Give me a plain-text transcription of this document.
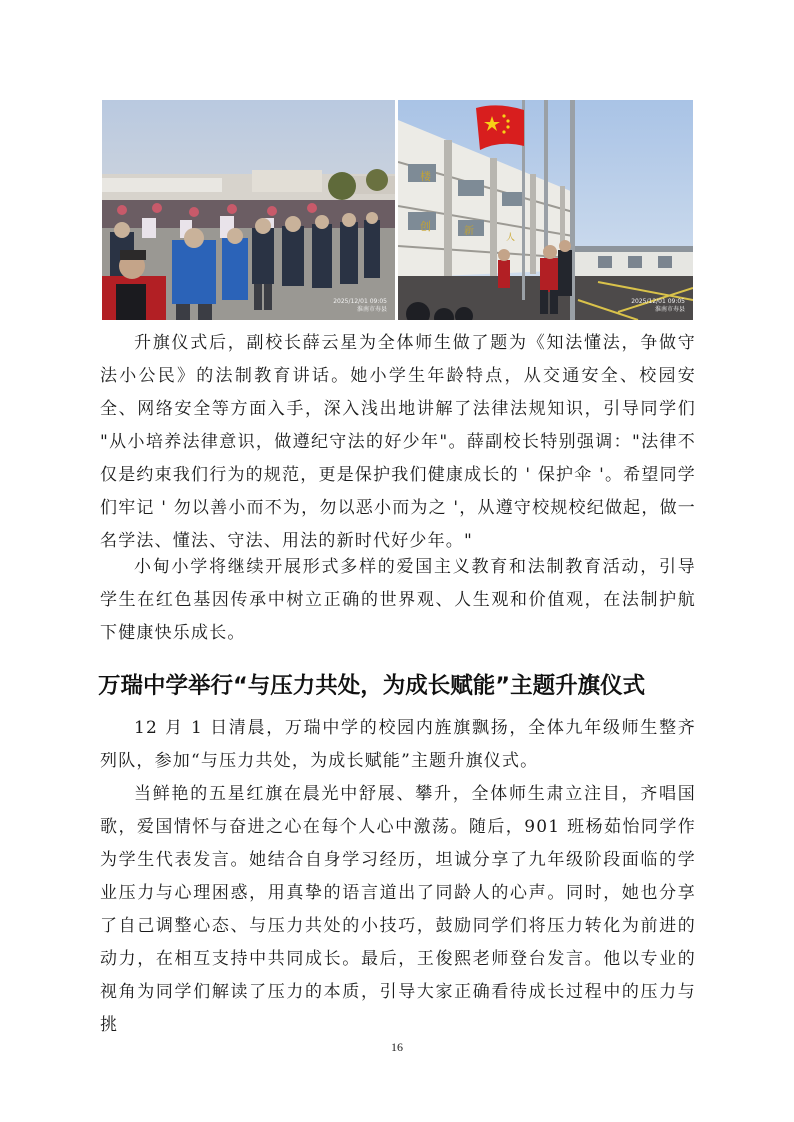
2025/12/01 09:05
淮南市寿县
楼
创	新
人
2025/12/01 09:05
淮南市寿县

升旗仪式后，副校长薛云星为全体师生做了题为《知法懂法，争做守法小公民》的法制教育讲话。她小学生年龄特点，从交通安全、校园安全、网络安全等方面入手，深入浅出地讲解了法律法规知识，引导同学们 "从小培养法律意识，做遵纪守法的好少年"。薛副校长特别强调："法律不仅是约束我们行为的规范，更是保护我们健康成长的 ' 保护伞 '。希望同学们牢记 ' 勿以善小而不为，勿以恶小而为之 '，从遵守校规校纪做起，做一名学法、懂法、守法、用法的新时代好少年。"

小甸小学将继续开展形式多样的爱国主义教育和法制教育活动，引导学生在红色基因传承中树立正确的世界观、人生观和价值观，在法制护航下健康快乐成长。

万瑞中学举行“与压力共处，为成长赋能”主题升旗仪式

12 月 1 日清晨，万瑞中学的校园内旌旗飘扬，全体九年级师生整齐列队，参加“与压力共处，为成长赋能”主题升旗仪式。

当鲜艳的五星红旗在晨光中舒展、攀升，全体师生肃立注目，齐唱国歌，爱国情怀与奋进之心在每个人心中激荡。随后，901 班杨茹怡同学作为学生代表发言。她结合自身学习经历，坦诚分享了九年级阶段面临的学业压力与心理困惑，用真挚的语言道出了同龄人的心声。同时，她也分享了自己调整心态、与压力共处的小技巧，鼓励同学们将压力转化为前进的动力，在相互支持中共同成长。最后，王俊熙老师登台发言。他以专业的视角为同学们解读了压力的本质，引导大家正确看待成长过程中的压力与挑

16
